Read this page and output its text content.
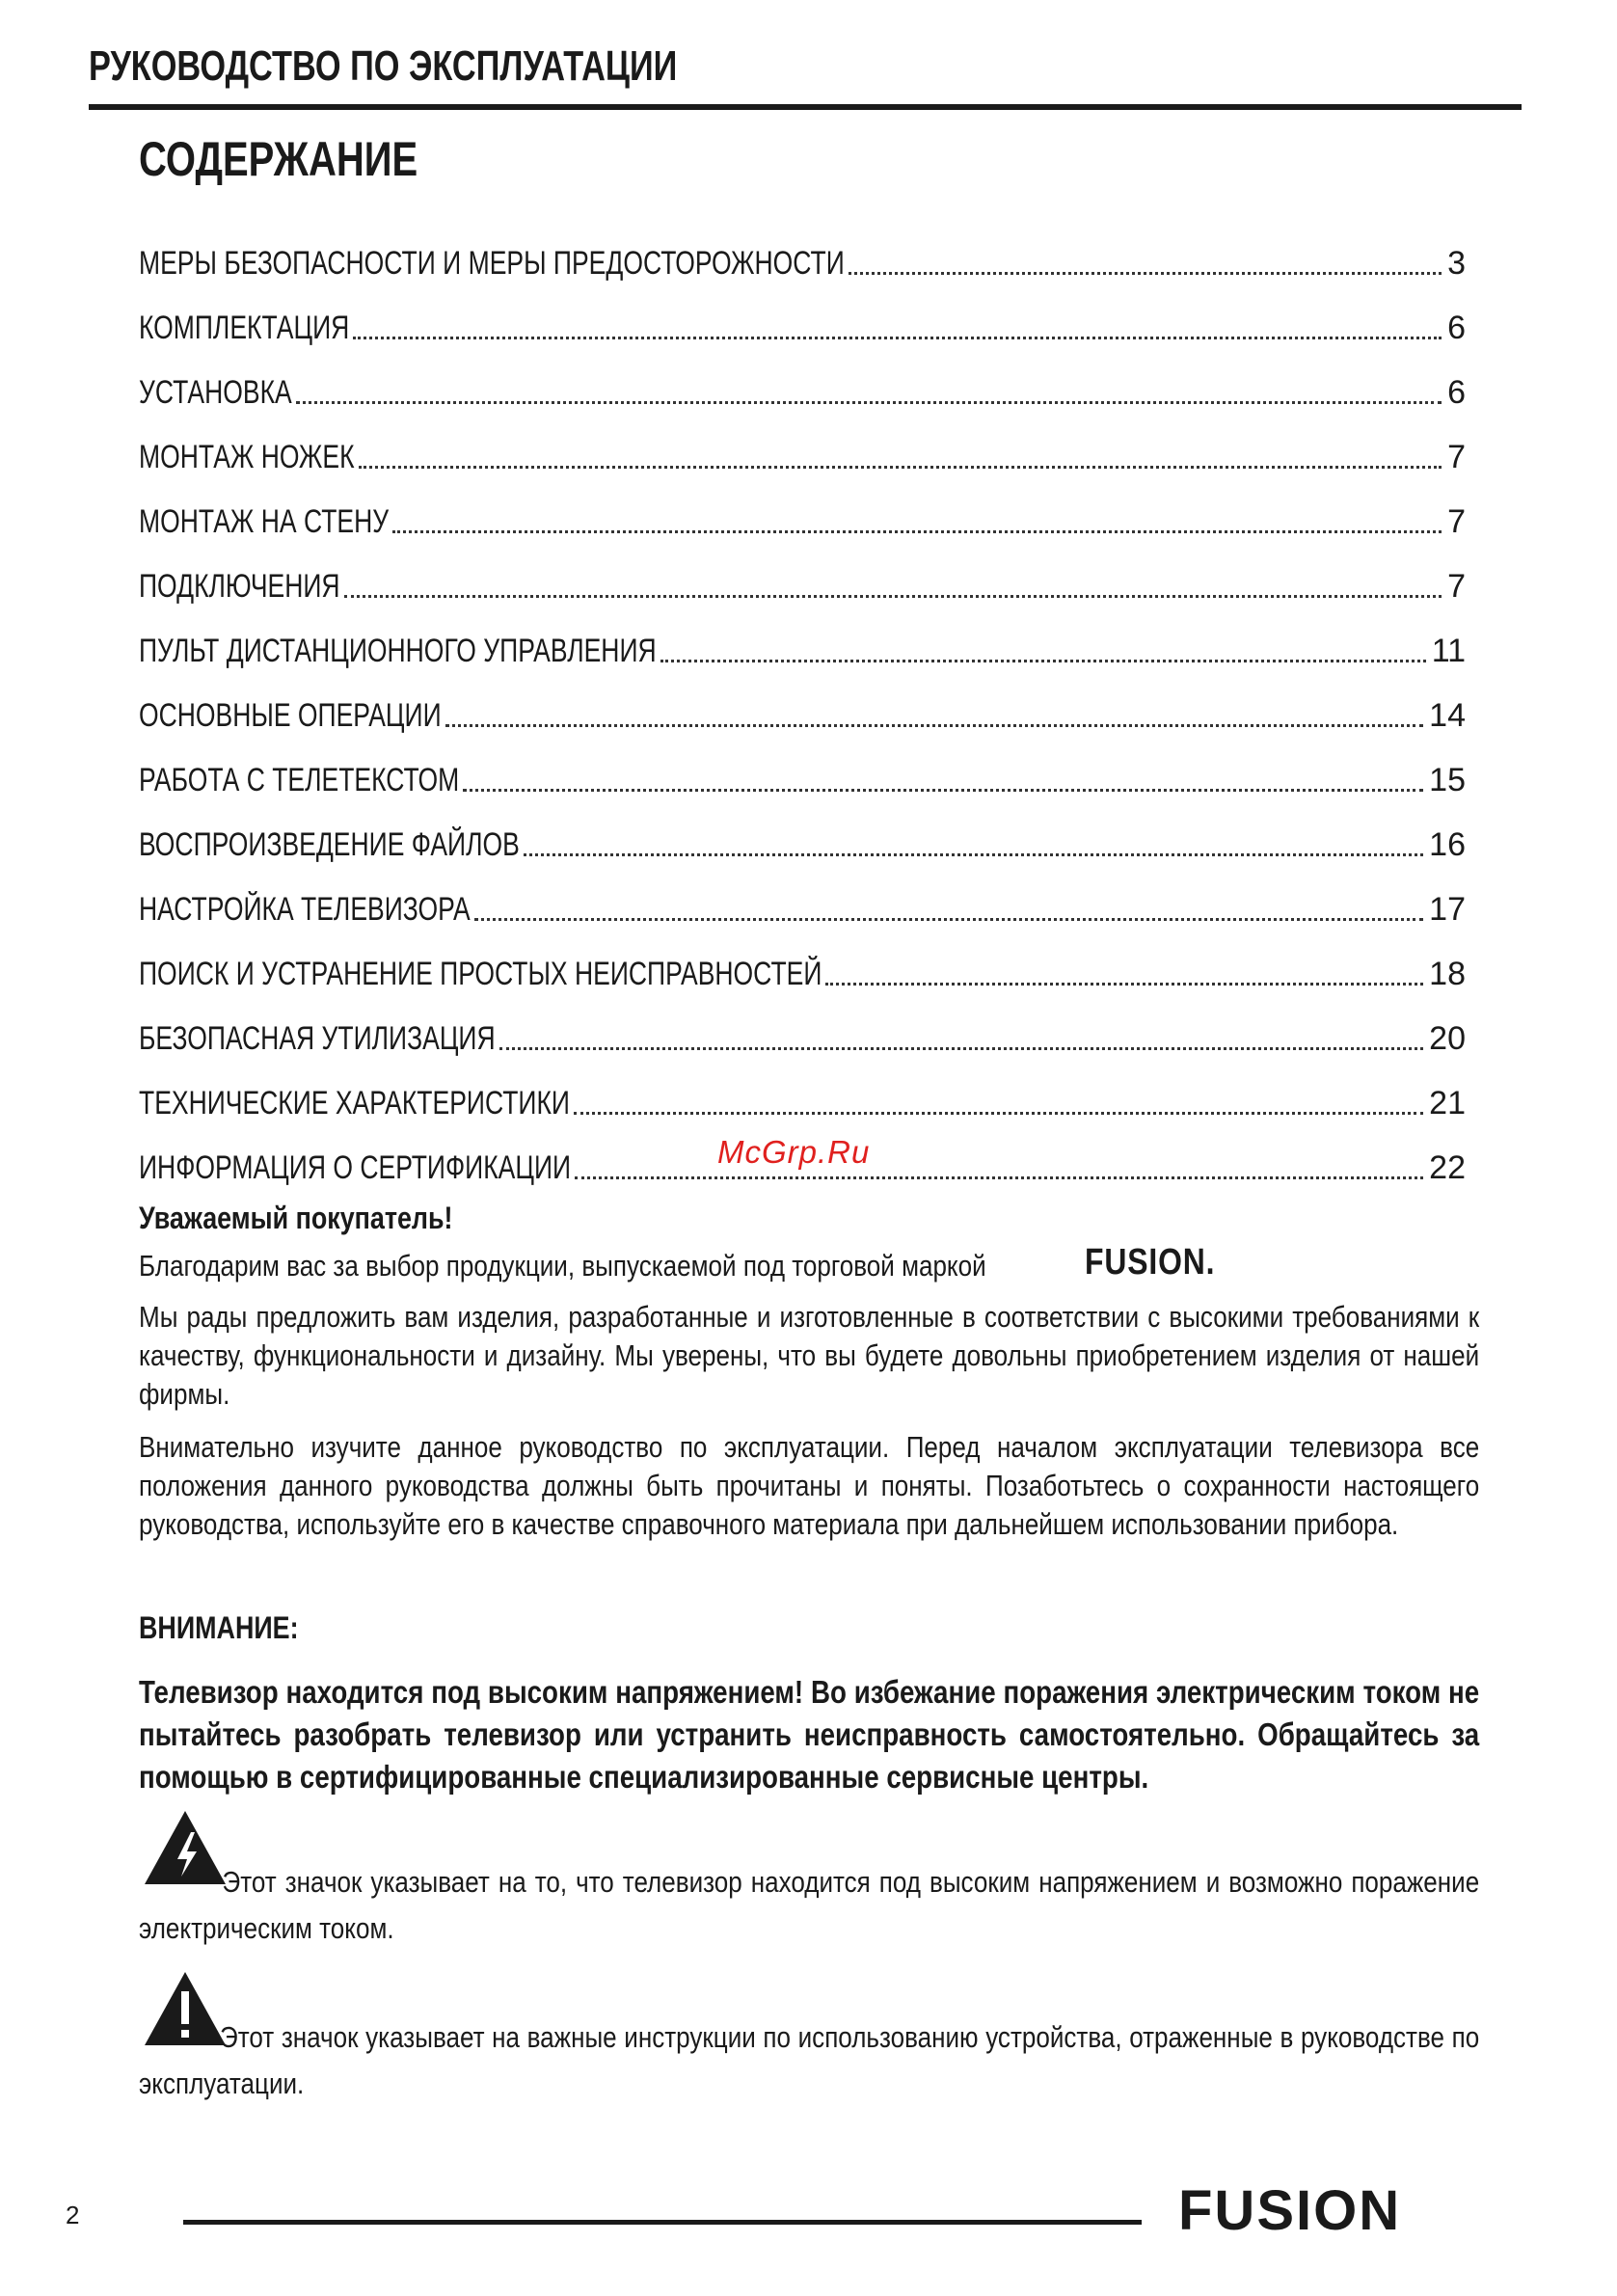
РУКОВОДСТВО ПО ЭКСПЛУАТАЦИИ
СОДЕРЖАНИЕ
МЕРЫ БЕЗОПАСНОСТИ И МЕРЫ ПРЕДОСТОРОЖНОСТИ	3
КОМПЛЕКТАЦИЯ	6
УСТАНОВКА	6
МОНТАЖ НОЖЕК	7
МОНТАЖ НА СТЕНУ	7
ПОДКЛЮЧЕНИЯ	7
ПУЛЬТ ДИСТАНЦИОННОГО УПРАВЛЕНИЯ	11
ОСНОВНЫЕ ОПЕРАЦИИ	14
РАБОТА С ТЕЛЕТЕКСТОМ	15
ВОСПРОИЗВЕДЕНИЕ ФАЙЛОВ	16
НАСТРОЙКА ТЕЛЕВИЗОРА	17
ПОИСК И УСТРАНЕНИЕ ПРОСТЫХ НЕИСПРАВНОСТЕЙ	18
БЕЗОПАСНАЯ УТИЛИЗАЦИЯ	20
ТЕХНИЧЕСКИЕ ХАРАКТЕРИСТИКИ	21
ИНФОРМАЦИЯ О СЕРТИФИКАЦИИ	22
McGrp.Ru
Уважаемый покупатель!
Благодарим вас за выбор продукции, выпускаемой под торговой маркой	FUSION.
Мы рады предложить вам изделия, разработанные и изготовленные в соответствии с высокими требованиями к качеству, функциональности и дизайну. Мы уверены, что вы будете довольны приобретением изделия от нашей фирмы.
Внимательно изучите данное руководство по эксплуатации. Перед началом эксплуатации телевизора все положения данного руководства должны быть прочитаны и поняты. Позаботьтесь о сохранности настоящего руководства, используйте его в качестве справочного материала при дальнейшем использовании прибора.
ВНИМАНИЕ:
Телевизор находится под высоким напряжением! Во избежание поражения электрическим током не пытайтесь разобрать телевизор или устранить неисправность самостоятельно. Обращайтесь за помощью в сертифицированные специализированные сервисные центры.
Этот значок указывает на то, что телевизор находится под высоким напряжением и возможно поражение электрическим током.
Этот значок указывает на важные инструкции по использованию устройства, отраженные в руководстве по эксплуатации.
2	FUSION
